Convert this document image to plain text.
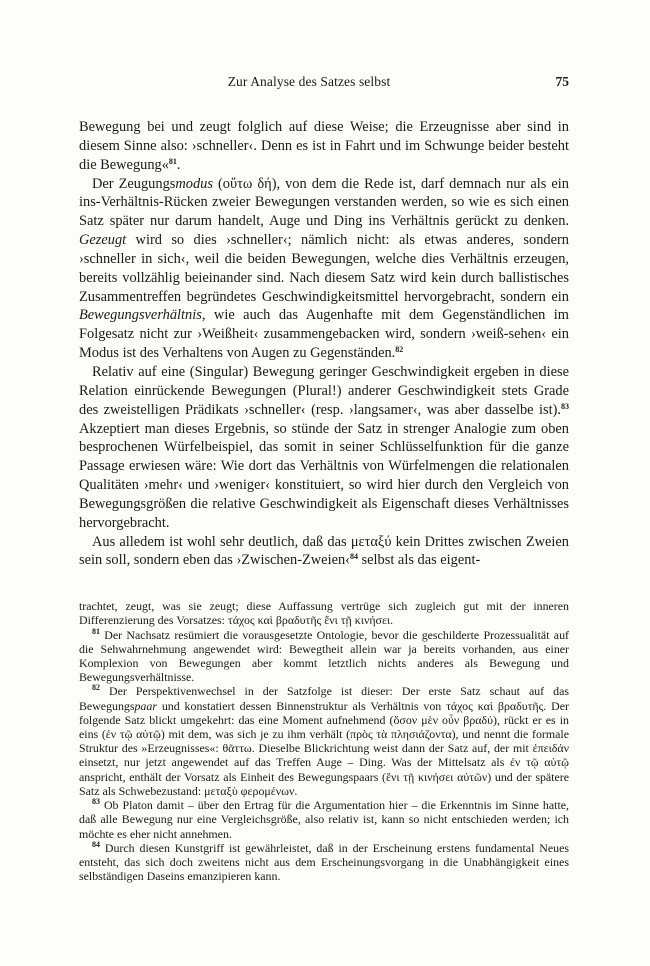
Zur Analyse des Satzes selbst	75

Bewegung bei und zeugt folglich auf diese Weise; die Erzeugnisse aber sind in diesem Sinne also: ›schneller‹. Denn es ist in Fahrt und im Schwunge beider besteht die Bewegung«$^{81}$.

Der Zeugungsmodus (οὕτω δή), von dem die Rede ist, darf demnach nur als ein ins-Verhältnis-Rücken zweier Bewegungen verstanden werden, so wie es sich einen Satz später nur darum handelt, Auge und Ding ins Verhältnis gerückt zu denken. Gezeugt wird so dies ›schneller‹; nämlich nicht: als etwas anderes, sondern ›schneller in sich‹, weil die beiden Bewegungen, welche dies Verhältnis erzeugen, bereits vollzählig beieinander sind. Nach diesem Satz wird kein durch ballistisches Zusammentreffen begründetes Geschwindigkeitsmittel hervorgebracht, sondern ein Bewegungsverhältnis, wie auch das Augenhafte mit dem Gegenständlichen im Folgesatz nicht zur ›Weißheit‹ zusammengebacken wird, sondern ›weiß-sehen‹ ein Modus ist des Verhaltens von Augen zu Gegenständen.$^{82}$

Relativ auf eine (Singular) Bewegung geringer Geschwindigkeit ergeben in diese Relation einrückende Bewegungen (Plural!) anderer Geschwindigkeit stets Grade des zweistelligen Prädikats ›schneller‹ (resp. ›langsamer‹, was aber dasselbe ist).$^{83}$ Akzeptiert man dieses Ergebnis, so stünde der Satz in strenger Analogie zum oben besprochenen Würfelbeispiel, das somit in seiner Schlüsselfunktion für die ganze Passage erwiesen wäre: Wie dort das Verhältnis von Würfelmengen die relationalen Qualitäten ›mehr‹ und ›weniger‹ konstituiert, so wird hier durch den Vergleich von Bewegungsgrößen die relative Geschwindigkeit als Eigenschaft dieses Verhältnisses hervorgebracht.

Aus alledem ist wohl sehr deutlich, daß das μεταξύ kein Drittes zwischen Zweien sein soll, sondern eben das ›Zwischen-Zweien‹$^{84}$ selbst als das eigent-

trachtet, zeugt, was sie zeugt; diese Auffassung vertrüge sich zugleich gut mit der inneren Differenzierung des Vorsatzes: τάχος καὶ βραδυτῆς ἕνι τῇ κινήσει.

$^{81}$ Der Nachsatz resümiert die vorausgesetzte Ontologie, bevor die geschilderte Prozessualität auf die Sehwahrnehmung angewendet wird: Bewegtheit allein war ja bereits vorhanden, aus einer Komplexion von Bewegungen aber kommt letztlich nichts anderes als Bewegung und Bewegungsverhältnisse.

$^{82}$ Der Perspektivenwechsel in der Satzfolge ist dieser: Der erste Satz schaut auf das Bewegungspaar und konstatiert dessen Binnenstruktur als Verhältnis von τάχος καὶ βραδυτῆς. Der folgende Satz blickt umgekehrt: das eine Moment aufnehmend (ὅσον μὲν οὖν βραδύ), rückt er es in eins (ἐν τῷ αὐτῷ) mit dem, was sich je zu ihm verhält (πρὸς τὰ πλησιάζοντα), und nennt die formale Struktur des »Erzeugnisses«: θᾶττω. Dieselbe Blickrichtung weist dann der Satz auf, der mit ἐπειδάν einsetzt, nur jetzt angewendet auf das Treffen Auge – Ding. Was der Mittelsatz als ἐν τῷ αὐτῷ anspricht, enthält der Vorsatz als Einheit des Bewegungspaars (ἕνι τῇ κινήσει αὐτῶν) und der spätere Satz als Schwebezustand: μεταξὺ φερομένων.

$^{83}$ Ob Platon damit – über den Ertrag für die Argumentation hier – die Erkenntnis im Sinne hatte, daß alle Bewegung nur eine Vergleichsgröße, also relativ ist, kann so nicht entschieden werden; ich möchte es eher nicht annehmen.

$^{84}$ Durch diesen Kunstgriff ist gewährleistet, daß in der Erscheinung erstens fundamental Neues entsteht, das sich doch zweitens nicht aus dem Erscheinungsvorgang in die Unabhängigkeit eines selbständigen Daseins emanzipieren kann.
